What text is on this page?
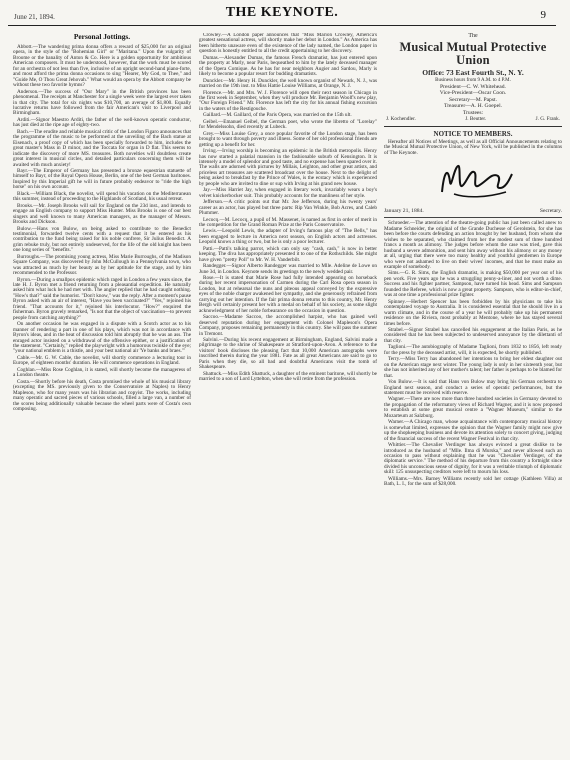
June 21, 1894.	THE KEYNOTE.	9
Personal Jottings.

Abbott.—The wandering prima donna offers a reward of $25,000 for an original opera, in the style of the "Bohemian Girl" or "Maritana." Upon the vulgarity of Broome or the banality of Anton & Co. Here is a golden opportunity for ambitious American composers. It must be understood, however, that the work must be scored for an orchestra of not less than five, inclusive of an upright second-hand piano-forte, and most afford the prima donna occasions to sing "Hearer, My God, to Thee," and "Guide Me, O Thou Great Jehovah." What would an opera by the Abbott company be without these two favorite hymns?

Anderson.—The success of "Our Mary" in the British provinces has been phenomenal. The receipts at Manchester for a single week were the largest ever taken in that city. The total for six nights was $10,700, an average of $1,800. Equally lucrative returns have followed from the fair American's visit to Liverpool and Birmingham.

Arditi.—Signor Maestro Arditi, the father of the well-known operatic conductor, has just died at the ripe age of eighty-two.

Bach.—The erudite and reliable musical critic of the London Figaro announces that the programme of the music to be performed at the unveiling of the Bach statue at Eisenach, a proof copy of which has been specially forwarded to him, includes the great master's Mass in D minor, and the Toccata for organ in D flat. This seems to indicate the discovery of more MS. treasures. Both novelties will doubtless create great interest in musical circles, and detailed particulars concerning them will be awaited with much anxiety!

Bayr.—The Emperor of Germany has presented a bronze equestrian statuette of himself to Bayr, of the Royal Opera House, Berlin, one of the best German baritones. Inspired by this Imperial gift he will in future probably endeavor to "ride the high horse" on his own account.

Black.—William Black, the novelist, will spend his vacation on the Mediterranean this summer, instead of proceeding to the Highlands of Scotland, his usual retreat.

Brooks.—Mr. Joseph Brooks will sail for England on the 23d inst., and intends to engage an English company to support Miss Hunter. Miss Brooks is one of our best singers and well known to many American managers, as the manager of Messrs. Brooks and Dickson.

Bulow.—Hans von Bulow, on being asked to contribute to the Benedict testimonial, forwarded twelve cents with a request that it be entered as his contribution to the fund being raised for his noble confrere, Sir Julius Benedict. A grim rebuke truly, but not entirely undeserved, for the life of the old knight has been one long series of "benefits."

Burroughs.—The promising young actress, Miss Marie Burroughs, of the Madison Square Company, was discovered by John McCullough in a Pennsylvania town, who was attracted as much by her beauty as by her aptitude for the stage, and by him recommended to the Professor.

Byron.—During a smallpox epidemic which raged in London a few years since, the late H. J. Byron met a friend returning from a pleasantial expedition. He naturally asked him what luck he had met with. The angler replied that he had caught nothing. "How's that?" said the humorist. "Don't know," was the reply. After a moment's pause Byron asked with an air of interest, "Have you been vaccinated?" "Yes," rejoined his friend. "That accounts for it," rejoined his interlocutor. "How?" enquired the fisherman. Byron gravely remarked, "Is not that the object of vaccination—to prevent people from catching anything?"

On another occasion he was engaged in a dispute with a Scotch actor as to his manner of rendering a part in one of his plays, which was not in accordance with Byron's ideas, and in the heat of discussion told him abruptly that he was an ass. The enraged actor insisted on a withdrawal of the offensive epithet, or a justification of the statement. "Certainly," replied the playwright with a humorous twinkle of the eye; "your national emblem is a thistle, and your best national air 'Ye banks and braes.'"

Cable.—Mr. G. W. Cable, the novelist, will shortly commence a lecturing tour in Europe, of eighteen months' duration. He will commence operations in England.

Coghlan.—Miss Rose Coghlan, it is stated, will shortly become the manageress of a London theatre.

Costa.—Shortly before his death, Costa promised the whole of his musical library (excepting the MS. previously given to the Conservatoire at Naples) to Henry Mapleson, who for many years was his librarian and copyist. The works, including many operatic and sacred pieces of various schools, filled a large van, a number of the scores being additionally valuable because the wheel parts were of Costa's own composing.

Crowley.—A London paper announces that "Miss Marion Crowley, America's greatest sensational actress, will shortly make her debut in London." As America has been hitherto unaware even of the existence of the lady named, the London paper in question is honestly entitled to all the credit appertaining to her discovery.

Dumas.—Alexander Dumas, the famous French dramatist, has just entered upon the property at Marly, near Paris, bequeathed to him by the lately deceased manager of the Opera Comique. As he has for near neighbors Augier and Sardou, Marly is likely to become a popular resort for budding dramatists.

Dunckler.—Mr. Henry H. Dunckler, the well known organist of Newark, N. J., was married on the 19th inst. to Miss Hattie Louise Williams, at Orange, N. J.

Florence.—Mr. and Mrs. W. J. Florence will open their next season in Chicago in the first week in September, when they will produce Mr. Benjamin Woolf's new play, "Our Foreign Friend." Mr. Florence has left the city for his annual fishing excursion in the waters of the Restigouche.

Gaillard.—M. Gaillard, of the Paris Opera, was married on the 15th ult.

Geibel.—Emanuel Geibel, the German poet, who wrote the libretto of "Lorelay" for Mendelssohn, died recently at Lubeck.

Grey.—Miss Louise Grey, a once popular favorite of the London stage, has been brought to want through poverty and illness. Some of her old professional friends are getting up a benefit for her.

Irving.—Irving worship is becoming an epidemic in the British metropolis. Henry has now started a palatial mansion in the fashionable suburb of Kensington. It is intensely a model of splendor and good taste, and no expense has been spared over it. The walls are adorned with pictures by Millais, Leighton, and other great artists, and priceless art treasures are scattered broadcast over the house. Next to the delight of being asked to breakfast by the Prince of Wales, is the ecstacy which is experienced by people who are invited to dine or sup with Irving at his grand new house.

Jay.—Miss Harriet Jay, when engaged in literary work, invariably wears a boy's velvet knickerbocker suit. This probably accounts for the manliness of her style.

Jefferson.—A critic points out that Mr. Joe Jefferson, during his twenty years' career as an actor, has played but three parts: Rip Van Winkle, Bob Acres, and Caleb Plummer.

Lecocq.—M. Lecocq, a pupil of M. Massenet, is named as first in order of merit in the competition for the Grand Roman Prize at the Paris Conservatoire.

Lewis.—Leopold Lewis, the adapter of Irving's famous play of "The Bells," has been engaged to lecture in America next season, on English actors and actresses. Leopold knows a thing or two, but he is only a poor lecturer.

Patti.—Patti's talking parrot, which can only say "cash, cash," is now in better keeping. The diva has appropriately presented it to one of the Rothschilds. She might have given "pretty Poll" to Mr. W. H. Vanderbilt.

Randegger.—Signor Alberto Randegger was married to Mlle. Adeline de Lowe on June 3d, in London. Keynote sends its greetings to the newly wedded pair.

Rose.—It is stated that Marie Rose had fully intended appearing on horseback during her recent impersonation of Carmen during the Carl Rosa opera season in London, but at rehearsal the nuns and piteous appeal conveyed by the expressive eyes of the noble charger awakened her sympathy, and she generously refrained from carrying out her intention. If the fair prima donna returns to this country, Mr. Henry Bergh will certainly present her with a medal on behalf of his society, as some slight acknowledgment of her noble forbearance on the occasion in question.

Saccoo.—Madame Saccoo, the accomplished harpist, who has gained well deserved reputation during her engagement with Colonel Mapleson's Opera Company, proposes remaining permanently in this country. She will pass the summer in Tremont.

Salvini.—During his recent engagement at Birmingham, England, Salvini made a pilgrimage to the shrine of Shakespeare at Stratford-upon-Avon. A reference to the visitors' book discloses the pleasing fact that 10,000 American autographs were inscribed therein during the year 1881. Fate as all great Americans are said to go to Paris when they die, so all bad and doubtful Americans visit the tomb of Shakespeare.

Shattuck.—Miss Edith Shattuck, a daughter of the eminent baritone, will shortly be married to a son of Lord Lyttelton, when she will retire from the profession.

The
Musical Mutual Protective Union
Office: 73 East Fourth St., N. Y.
Business hours from 9 A.M. to 4 P.M.
President—C. W. Whitehead.
Vice-President—Oscar Coon.
Secretary—M. Papst.
Treasurer—A. H. Goepel.
Trustees:
J. Kochendler.	J. Beutter.	J. G. Frank.
NOTICE TO MEMBERS.

Hereafter all Notices of Meetings, as well as all Official Announcements relating to the Musical Mutual Protective Union, of New York, will be published in the columns of The Keynote.

January 21, 1884.	Secretary.

Schroeder.—The attention of the theatre-going public has just been called anew to Madame Schneider, the original of the Grande Duchesse of Gerolstein, for she has been before the courts defending an action brought by her husband, from whom she wishes to be separated, who claimed from her the modest sum of three hundred francs a month as alimony. The judges before whom the case was tried, gave this husband a severe admonition, and sent him away without his alimony or any money at all, urging that there were too many healthy and youthful gentlemen in Europe who were not ashamed to live on their wives' incomes, and that he must make an example of somebody.

Sims.—G. R. Sims, the English dramatist, is making $50,000 per year out of his pen work. Five years ago he was a struggling penny-a-liner, and not worth a dime. Success and his fighter partner, Sampson, have turned his head. Sims and Sampson founded the Referee, which is now a great property. Sampson, who is editor-in-chief, was at one time a professional prize fighter.

Spinney.—Herbert Spencer has been forbidden by his physicians to take his contemplated voyage to Australia. It is considered essential that he should live in a warm climate, and in the course of a year he will probably take up his permanent residence on the Riviera, most probably at Mentone, where he has stayed several times before.

Strabel.—Signor Strabel has cancelled his engagement at the Italian Paris, as he considered that he has been subjected to undeserved annoyance by the dilettanti of that city.

Taglioni.—The autobiography of Madame Taglioni, from 1832 to 1856, left ready for the press by the deceased artist, will, it is expected, be shortly published.

Terry.—Miss Terry has abandoned her intentions to bring her eldest daughter out on the American stage next winter. The young lady is only in her sixteenth year, but she has not inherited any of her mother's talent; her father is perhaps to be blamed for that.

Von Bulow.—It is said that Hans von Bulow may bring his German orchestra to England next season, and conduct a series of operatic performances, but the statement must be received with reserve.

Wagner.—There are now more than three hundred societies in Germany devoted to the propagation of the reformatory views of Richard Wagner, and it is now proposed to establish at some great musical centre a "Wagner Museum," similar to the Mozarteum at Salzburg.

Warner.—A Chicago man, whose acquaintance with contemporary musical history is somewhat limited, expresses the opinion that the Wagner family might now give up the shopkeeping business and devote its attention solely to concert giving, judging of the financial success of the recent Wagner Festival in that city.

Whittier.—The Chevalier Verdinger has always evinced a great dislike to be introduced as the husband of "Mlle. Ilma di Murska," and never allowed such an occasion to pass without explaining that he was "Chevalier Verdinger, of the diplomatic service." The method of his departure from this country a fortnight since divided his unconscious sense of dignity, for it was a veritable triumph of diplomatic skill: 125 unsuspecting creditors were left to mourn his loss.

Williams.—Mrs. Barney Williams recently sold her cottage (Kathleen Villa) at Bath, L. I., for the sum of $28,000.
